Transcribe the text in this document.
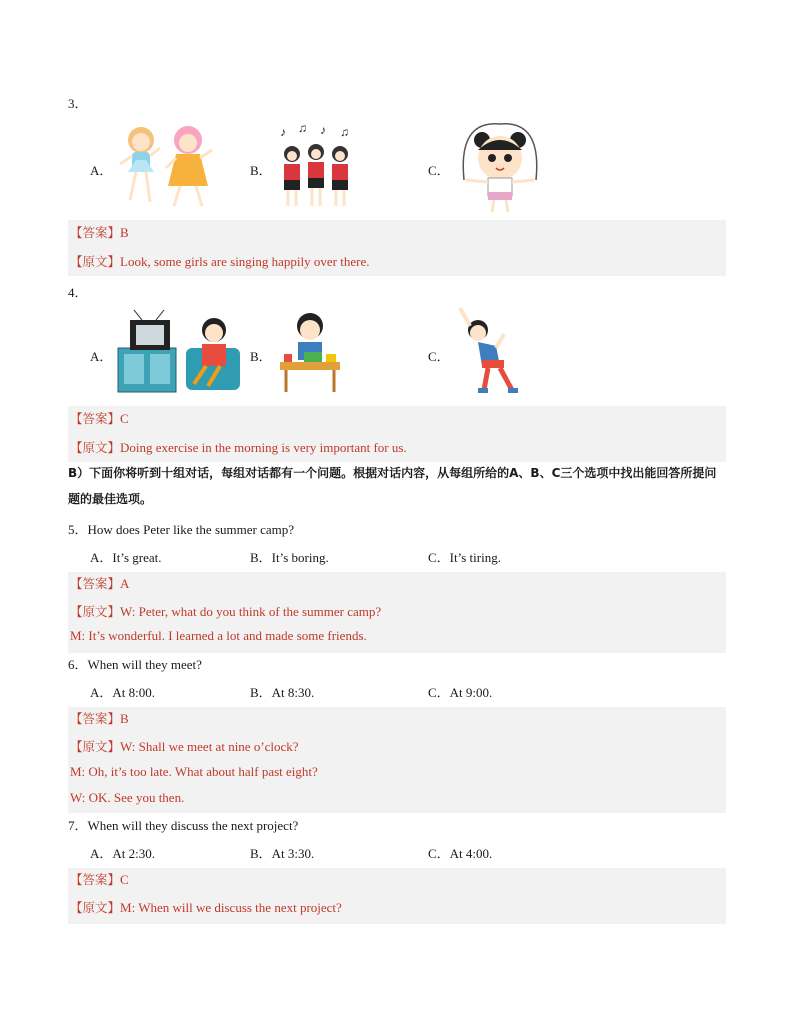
3．
A．	B．
♪ ♫ ♪ ♫
C．
【答案】B
【原文】Look, some girls are singing happily over there.
4．
A．	B．	C．
【答案】C
【原文】Doing exercise in the morning is very important for us.
B）下面你将听到十组对话，每组对话都有一个问题。根据对话内容，从每组所给的A、B、C三个选项中找出能回答所提问题的最佳选项。
5．How does Peter like the summer camp?
A．It’s great.	B．It’s boring.	C．It’s tiring.
【答案】A
【原文】W: Peter, what do you think of the summer camp?
M: It’s wonderful. I learned a lot and made some friends.
6．When will they meet?
A．At 8:00.	B．At 8:30.	C．At 9:00.
【答案】B
【原文】W: Shall we meet at nine o’clock?
M: Oh, it’s too late. What about half past eight?
W: OK. See you then.
7．When will they discuss the next project?
A．At 2:30.	B．At 3:30.	C．At 4:00.
【答案】C
【原文】M: When will we discuss the next project?
